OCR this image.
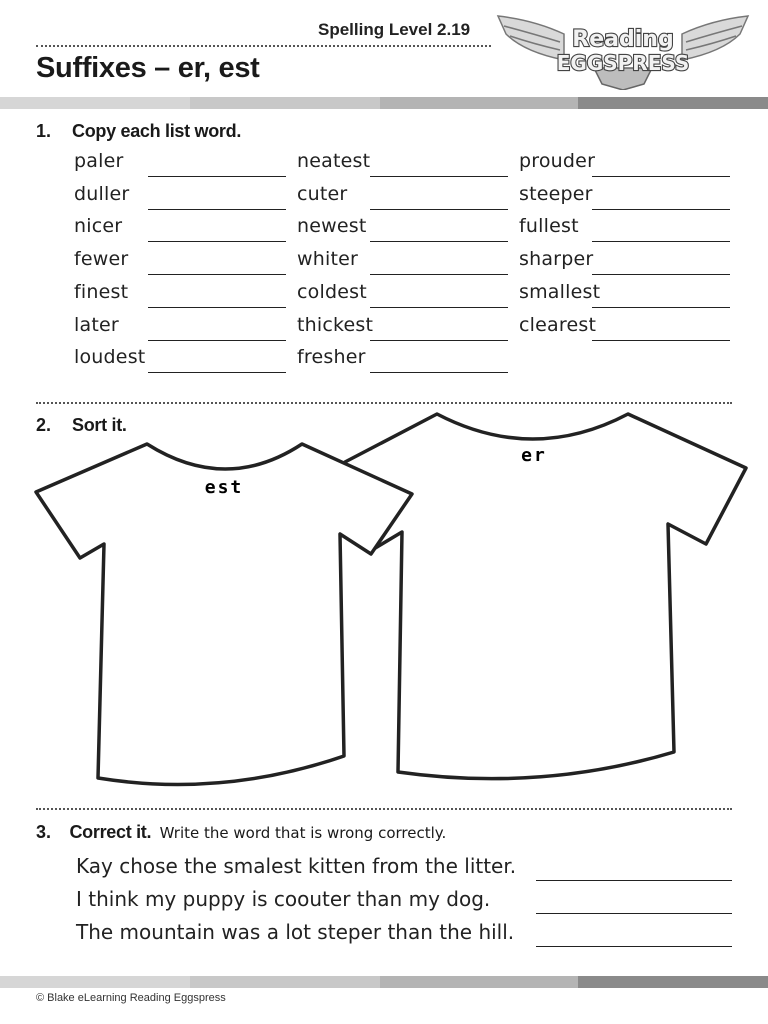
Spelling Level 2.19
Suffixes – er, est
Reading
EGGSPRESS
1. Copy each list word.
paler
duller
nicer
fewer
finest
later
loudest
neatest
cuter
newest
whiter
coldest
thickest
fresher
prouder
steeper
fullest
sharper
smallest
clearest
2. Sort it.
er
est
3. Correct it. Write the word that is wrong correctly.
Kay chose the smalest kitten from the litter.
I think my puppy is coouter than my dog.
The mountain was a lot steper than the hill.
© Blake eLearning Reading Eggspress
